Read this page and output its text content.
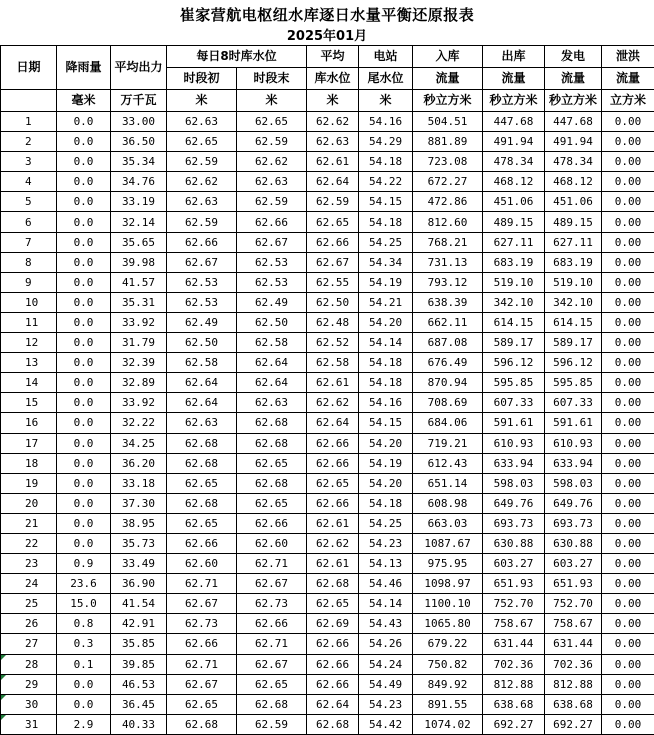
崔家营航电枢纽水库逐日水量平衡还原报表
2025年01月
日期	降雨量	平均出力	每日8时库水位		平均	电站	入库	出库	发电	泄洪
			时段初	时段末	库水位	尾水位	流量	流量	流量	流量
	毫米	万千瓦	米	米	米	米	秒立方米	秒立方米	秒立方米	立方米
1	0.0	33.00	62.63	62.65	62.62	54.16	504.51	447.68	447.68	0.00
2	0.0	36.50	62.65	62.59	62.63	54.29	881.89	491.94	491.94	0.00
3	0.0	35.34	62.59	62.62	62.61	54.18	723.08	478.34	478.34	0.00
4	0.0	34.76	62.62	62.63	62.64	54.22	672.27	468.12	468.12	0.00
5	0.0	33.19	62.63	62.59	62.59	54.15	472.86	451.06	451.06	0.00
6	0.0	32.14	62.59	62.66	62.65	54.18	812.60	489.15	489.15	0.00
7	0.0	35.65	62.66	62.67	62.66	54.25	768.21	627.11	627.11	0.00
8	0.0	39.98	62.67	62.53	62.67	54.34	731.13	683.19	683.19	0.00
9	0.0	41.57	62.53	62.53	62.55	54.19	793.12	519.10	519.10	0.00
10	0.0	35.31	62.53	62.49	62.50	54.21	638.39	342.10	342.10	0.00
11	0.0	33.92	62.49	62.50	62.48	54.20	662.11	614.15	614.15	0.00
12	0.0	31.79	62.50	62.58	62.52	54.14	687.08	589.17	589.17	0.00
13	0.0	32.39	62.58	62.64	62.58	54.18	676.49	596.12	596.12	0.00
14	0.0	32.89	62.64	62.64	62.61	54.18	870.94	595.85	595.85	0.00
15	0.0	33.92	62.64	62.63	62.62	54.16	708.69	607.33	607.33	0.00
16	0.0	32.22	62.63	62.68	62.64	54.15	684.06	591.61	591.61	0.00
17	0.0	34.25	62.68	62.68	62.66	54.20	719.21	610.93	610.93	0.00
18	0.0	36.20	62.68	62.65	62.66	54.19	612.43	633.94	633.94	0.00
19	0.0	33.18	62.65	62.68	62.65	54.20	651.14	598.03	598.03	0.00
20	0.0	37.30	62.68	62.65	62.66	54.18	608.98	649.76	649.76	0.00
21	0.0	38.95	62.65	62.66	62.61	54.25	663.03	693.73	693.73	0.00
22	0.0	35.73	62.66	62.60	62.62	54.23	1087.67	630.88	630.88	0.00
23	0.9	33.49	62.60	62.71	62.61	54.13	975.95	603.27	603.27	0.00
24	23.6	36.90	62.71	62.67	62.68	54.46	1098.97	651.93	651.93	0.00
25	15.0	41.54	62.67	62.73	62.65	54.14	1100.10	752.70	752.70	0.00
26	0.8	42.91	62.73	62.66	62.69	54.43	1065.80	758.67	758.67	0.00
27	0.3	35.85	62.66	62.71	62.66	54.26	679.22	631.44	631.44	0.00

28	0.1	39.85	62.71	62.67	62.66	54.24	750.82	702.36	702.36	0.00

29	0.0	46.53	62.67	62.65	62.66	54.49	849.92	812.88	812.88	0.00

30	0.0	36.45	62.65	62.68	62.64	54.23	891.55	638.68	638.68	0.00

31	2.9	40.33	62.68	62.59	62.68	54.42	1074.02	692.27	692.27	0.00
